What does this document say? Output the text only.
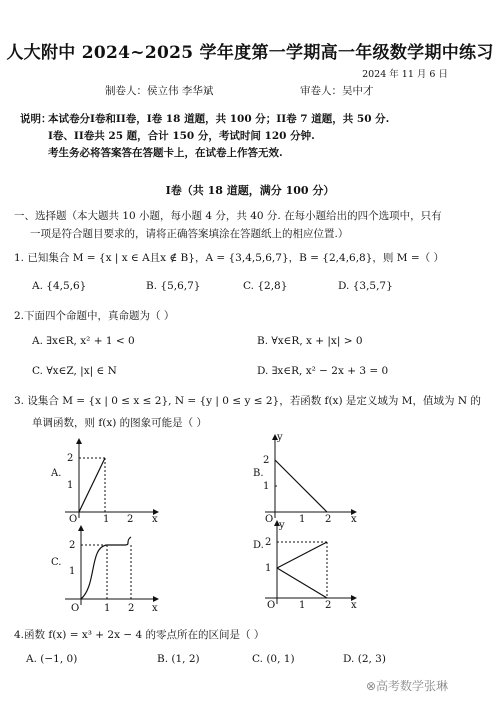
人大附中 2024~2025 学年度第一学期高一年级数学期中练习
2024 年 11 月 6 日
制卷人：侯立伟 李华斌	审卷人：吴中才
说明：
本试卷分I卷和II卷，I卷 18 道题，共 100 分；II卷 7 道题，共 50 分.
I卷、II卷共 25 题，合计 150 分，考试时间 120 分钟.
考生务必将答案答在答题卡上，在试卷上作答无效.
I卷（共 18 道题，满分 100 分）
一、选择题（本大题共 10 小题，每小题 4 分，共 40 分. 在每小题给出的四个选项中，只有
一项是符合题目要求的，请将正确答案填涂在答题纸上的相应位置.）
1. 已知集合 M = {x | x ∈ A且x ∉ B}，A = {3,4,5,6,7}，B = {2,4,6,8}，则 M =（ ）
A. {4,5,6}	B. {5,6,7}	C. {2,8}	D. {3,5,7}
2.下面四个命题中，真命题为（ ）
A. ∃x∈R, x² + 1 < 0	B. ∀x∈R, x + |x| > 0
C. ∀x∈Z, |x| ∈ N	D. ∃x∈R, x² − 2x + 3 = 0
3. 设集合 M = {x | 0 ≤ x ≤ 2}, N = {y | 0 ≤ y ≤ 2}，若函数 f(x) 是定义域为 M，值域为 N 的
单调函数，则 f(x) 的图象可能是（ ）
A.
2
1
O	1 2 x
y
B.
2
1
O	1 2 x
C.
2
1
O 1 2 x
y
D. 2
1
O 1 2 x
4.函数 f(x) = x³ + 2x − 4 的零点所在的区间是（ ）
A. (−1, 0)	B. (1, 2)	C. (0, 1)	D. (2, 3)
⊗高考数学张琳
